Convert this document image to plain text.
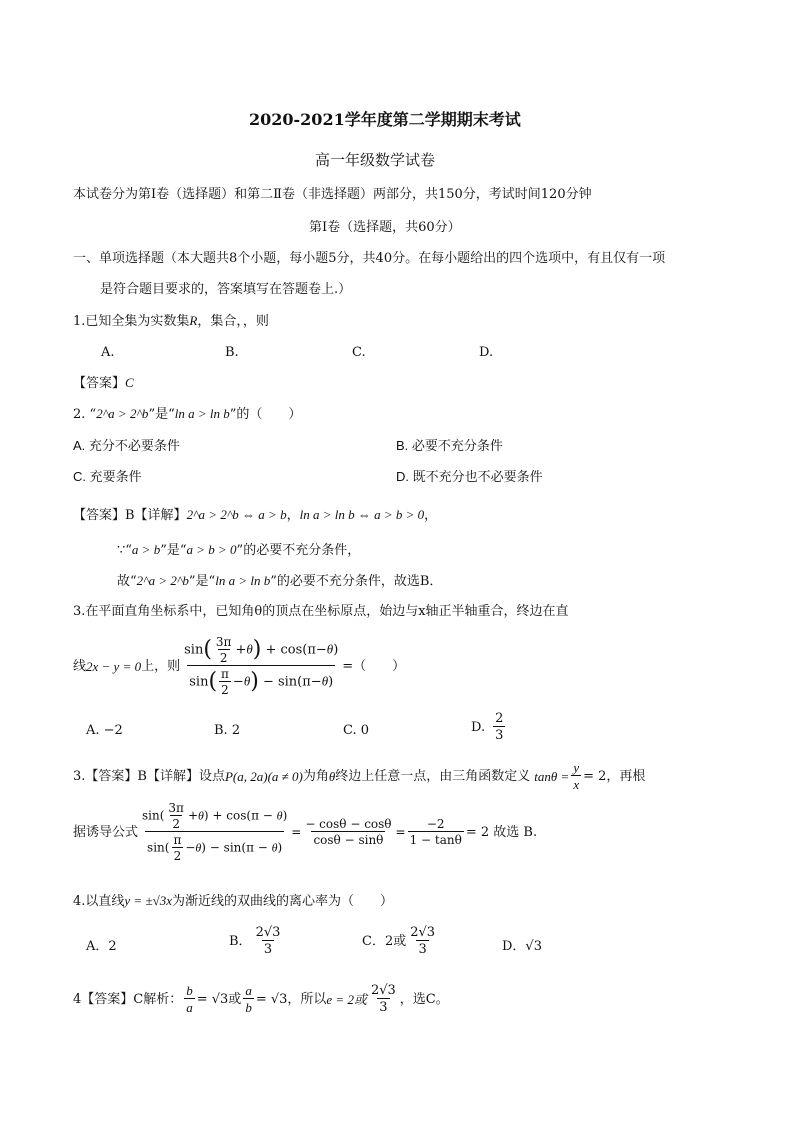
2020-2021学年度第二学期期末考试
高一年级数学试卷
本试卷分为第Ⅰ卷（选择题）和第二Ⅱ卷（非选择题）两部分，共150分，考试时间120分钟
第Ⅰ卷（选择题，共60分）
一、单项选择题（本大题共8个小题，每小题5分，共40分。在每小题给出的四个选项中，有且仅有一项
是符合题目要求的，答案填写在答题卷上.）
1.已知全集为实数集R，集合，，则
A.	B.	C.	D.
【答案】C
2. “2^a > 2^b”是“ln a > ln b”的（　　）
A. 充分不必要条件	B. 必要不充分条件
C. 充要条件	D. 既不充分也不必要条件
【答案】B【详解】2^a > 2^b ⇔ a > b，ln a > ln b ⇔ a > b > 0，
∵“a > b”是“a > b > 0”的必要不充分条件，
故“2^a > 2^b”是“ln a > ln b”的必要不充分条件，故选B．
3.在平面直角坐标系中，已知角θ的顶点在坐标原点，始边与x轴正半轴重合，终边在直
线 2x − y = 0 上，则 $\frac{\sin( \frac{3\pi}{2} +\theta) + \cos(\pi-\theta)}{\sin( \frac{\pi}{2} -\theta) - \sin(\pi-\theta)}$ =（　　）
A. −2	B. 2	C. 0	D. $\frac{2}{3}$
3.【答案】B【详解】设点 P(a, 2a)(a ≠ 0) 为角 θ 终边上任意一点，由三角函数定义 $\tan\theta = \frac{y}{x} = 2$，再根
据诱导公式 $\frac{\sin( \frac{3\pi}{2} +\theta) + \cos(\pi - \theta)}{\sin( \frac{\pi}{2} -\theta) - \sin(\pi - \theta)} = \frac{- \cos\theta - \cos\theta}{\cos\theta - \sin\theta} = \frac{-2}{1 - \tan\theta} = 2$ 故选 B.
4.以直线y = ±√3x为渐近线的双曲线的离心率为（　　）
A．2	B． $\frac{2√3}{3}$	C．2或 $\frac{2√3}{3}$	D．√3
4【答案】C解析： $\frac{b}{a} = √3$或 $\frac{a}{b} = √3$，所以 e = 2或 $\frac{2√3}{3}$ ，选C。
